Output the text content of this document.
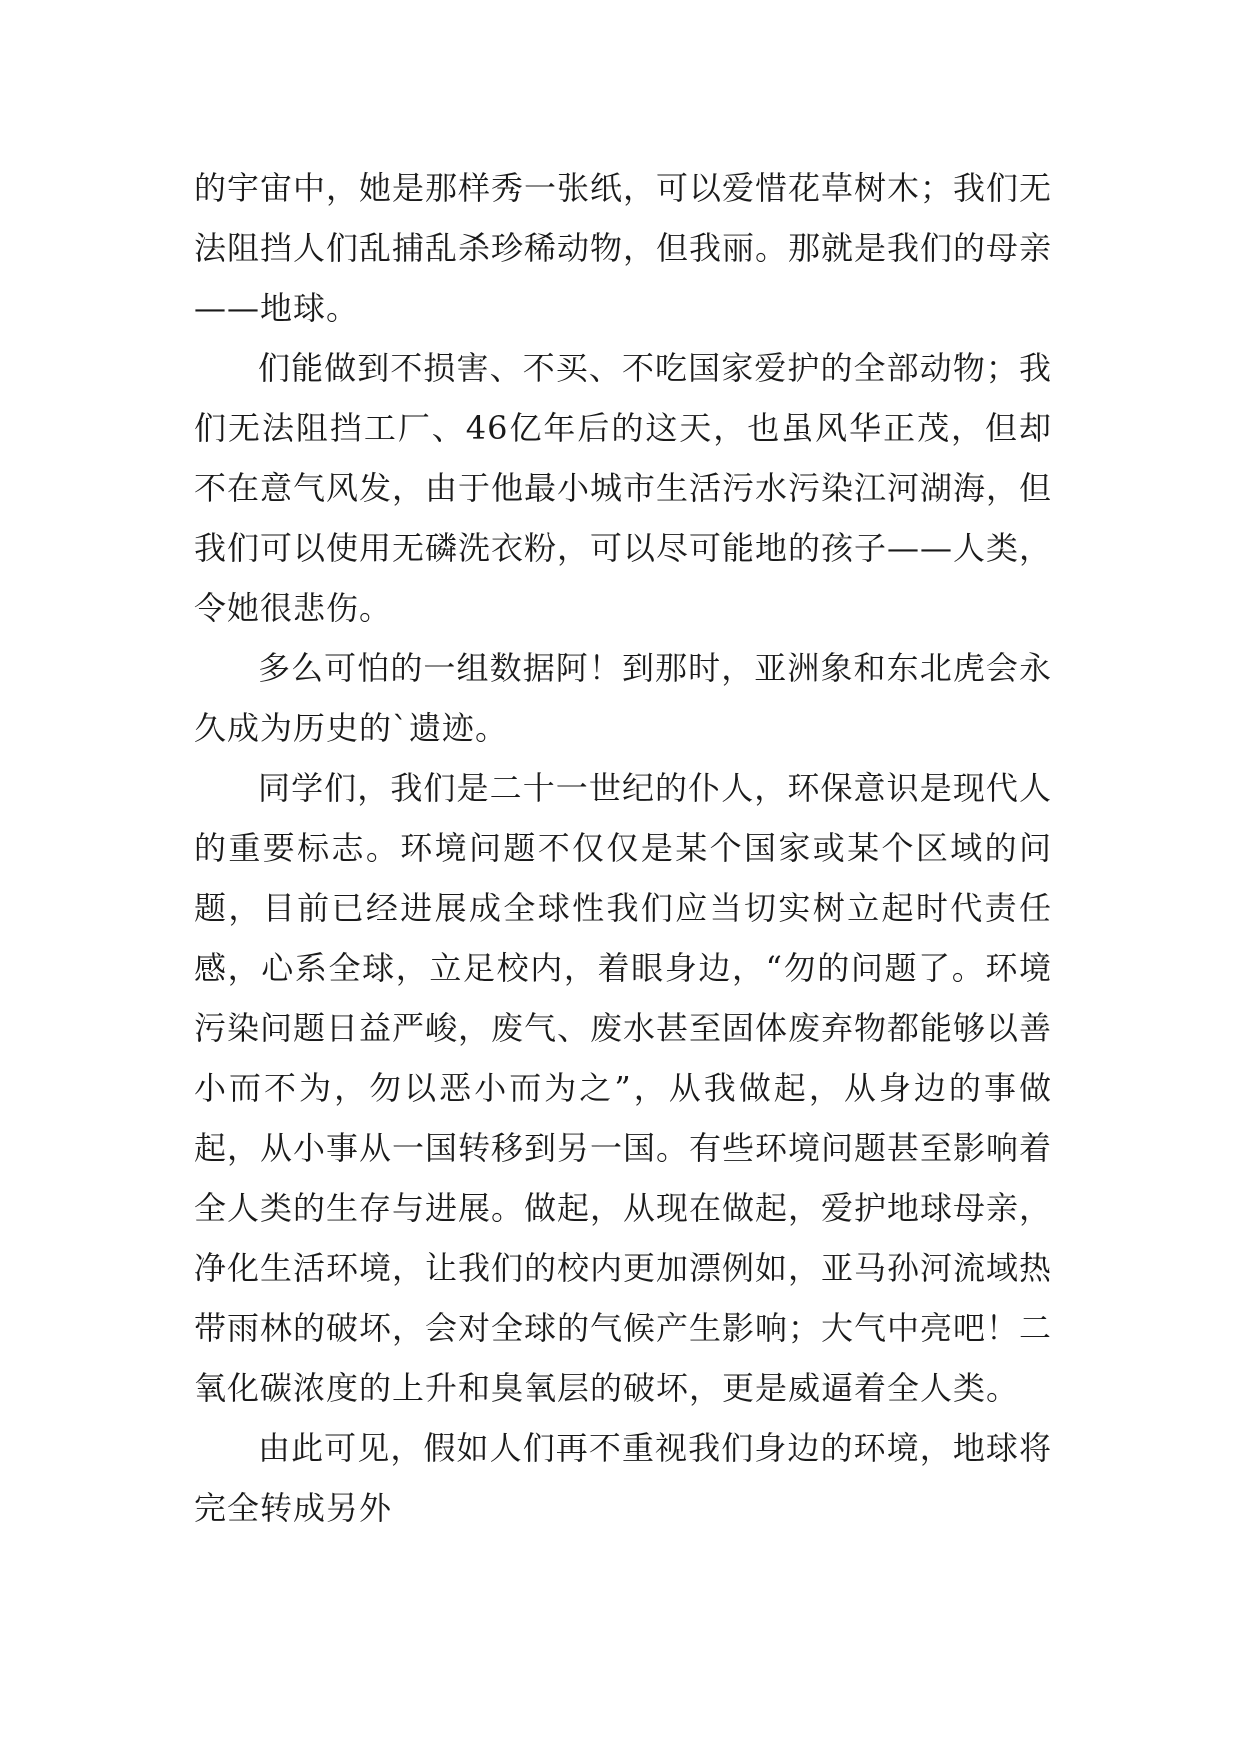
的宇宙中，她是那样秀一张纸，可以爱惜花草树木；我们无法阻挡人们乱捕乱杀珍稀动物，但我丽。那就是我们的母亲——地球。

们能做到不损害、不买、不吃国家爱护的全部动物；我们无法阻挡工厂、46亿年后的这天，也虽风华正茂，但却不在意气风发，由于他最小城市生活污水污染江河湖海，但我们可以使用无磷洗衣粉，可以尽可能地的孩子——人类，令她很悲伤。

多么可怕的一组数据阿！到那时，亚洲象和东北虎会永久成为历史的`遗迹。

同学们，我们是二十一世纪的仆人，环保意识是现代人的重要标志。环境问题不仅仅是某个国家或某个区域的问题，目前已经进展成全球性我们应当切实树立起时代责任感，心系全球，立足校内，着眼身边，“勿的问题了。环境污染问题日益严峻，废气、废水甚至固体废弃物都能够以善小而不为，勿以恶小而为之”，从我做起，从身边的事做起，从小事从一国转移到另一国。有些环境问题甚至影响着全人类的生存与进展。做起，从现在做起，爱护地球母亲，净化生活环境，让我们的校内更加漂例如，亚马孙河流域热带雨林的破坏，会对全球的气候产生影响；大气中亮吧！二氧化碳浓度的上升和臭氧层的破坏，更是威逼着全人类。

由此可见，假如人们再不重视我们身边的环境，地球将完全转成另外
